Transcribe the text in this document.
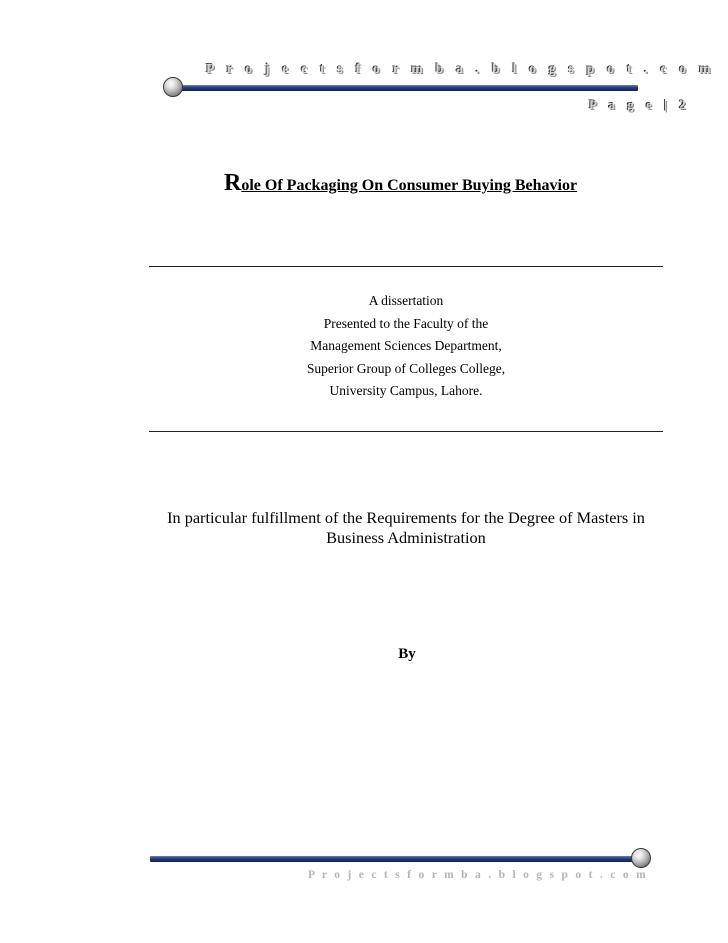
P r o j e c t s f o r m b a . b l o g s p o t . c o m
P a g e | 2
Role Of Packaging On Consumer Buying Behavior
A dissertation
Presented to the Faculty of the
Management Sciences Department,
Superior Group of Colleges College,
University Campus, Lahore.
In particular fulfillment of the Requirements for the Degree of Masters in
Business Administration
By
P r o j e c t s f o r m b a . b l o g s p o t . c o m
